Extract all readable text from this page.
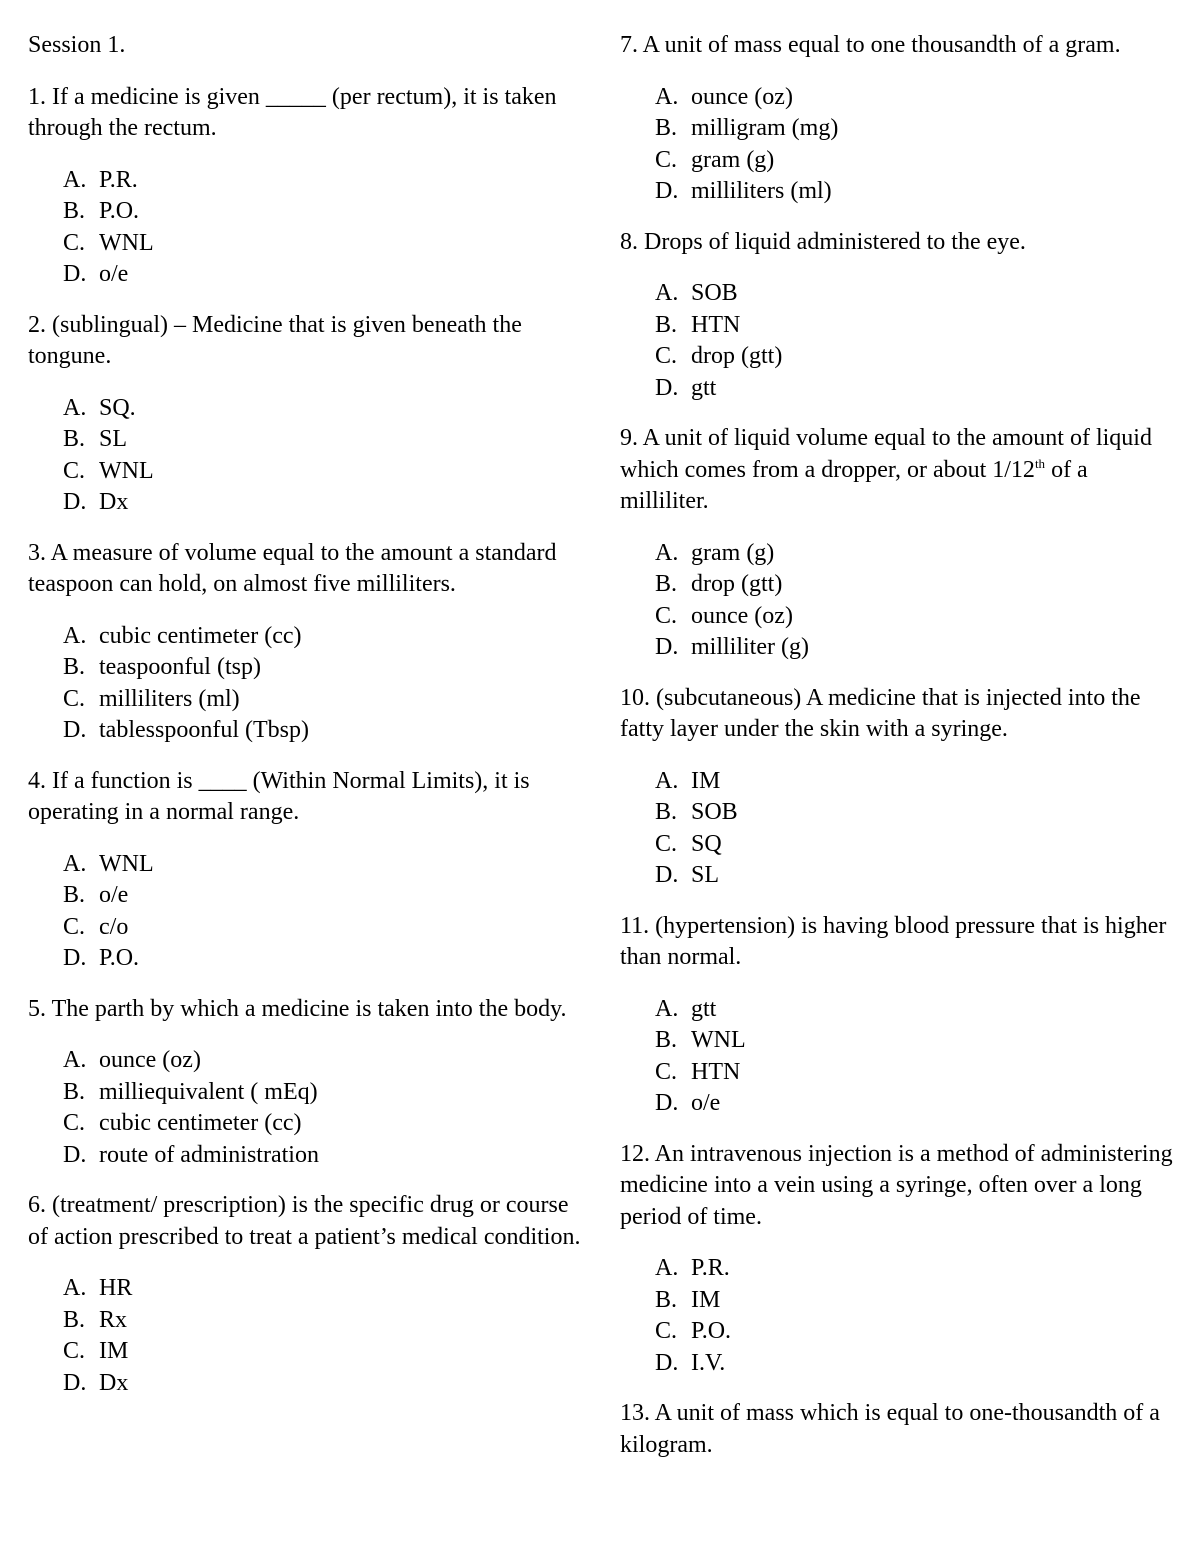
Session 1.

1. If a medicine is given _____ (per rectum), it is taken through the rectum.

A. P.R.
B. P.O.
C. WNL
D. o/e

2. (sublingual) – Medicine that is given beneath the tongune.

A. SQ.
B. SL
C. WNL
D. Dx

3. A measure of volume equal to the amount a standard teaspoon can hold, on almost five milliliters.

A. cubic centimeter (cc)
B. teaspoonful (tsp)
C. milliliters (ml)
D. tablesspoonful (Tbsp)

4. If a function is ____ (Within Normal Limits), it is operating in a normal range.

A. WNL
B. o/e
C. c/o
D. P.O.

5. The parth by which a medicine is taken into the body.

A. ounce (oz)
B. milliequivalent ( mEq)
C. cubic centimeter (cc)
D. route of administration

6. (treatment/ prescription) is the specific drug or course of action prescribed to treat a patient’s medical condition.

A. HR
B. Rx
C. IM
D. Dx

7. A unit of mass equal to one thousandth of a gram.

A. ounce (oz)
B. milligram (mg)
C. gram (g)
D. milliliters (ml)

8. Drops of liquid administered to the eye.

A. SOB
B. HTN
C. drop (gtt)
D. gtt

9. A unit of liquid volume equal to the amount of liquid which comes from a dropper, or about 1/12th of a milliliter.

A. gram (g)
B. drop (gtt)
C. ounce (oz)
D. milliliter (g)

10. (subcutaneous) A medicine that is injected into the fatty layer under the skin with a syringe.

A. IM
B. SOB
C. SQ
D. SL

11. (hypertension) is having blood pressure that is higher than normal.

A. gtt
B. WNL
C. HTN
D. o/e

12. An intravenous injection is a method of administering medicine into a vein using a syringe, often over a long period of time.

A. P.R.
B. IM
C. P.O.
D. I.V.

13. A unit of mass which is equal to one-thousandth of a kilogram.
